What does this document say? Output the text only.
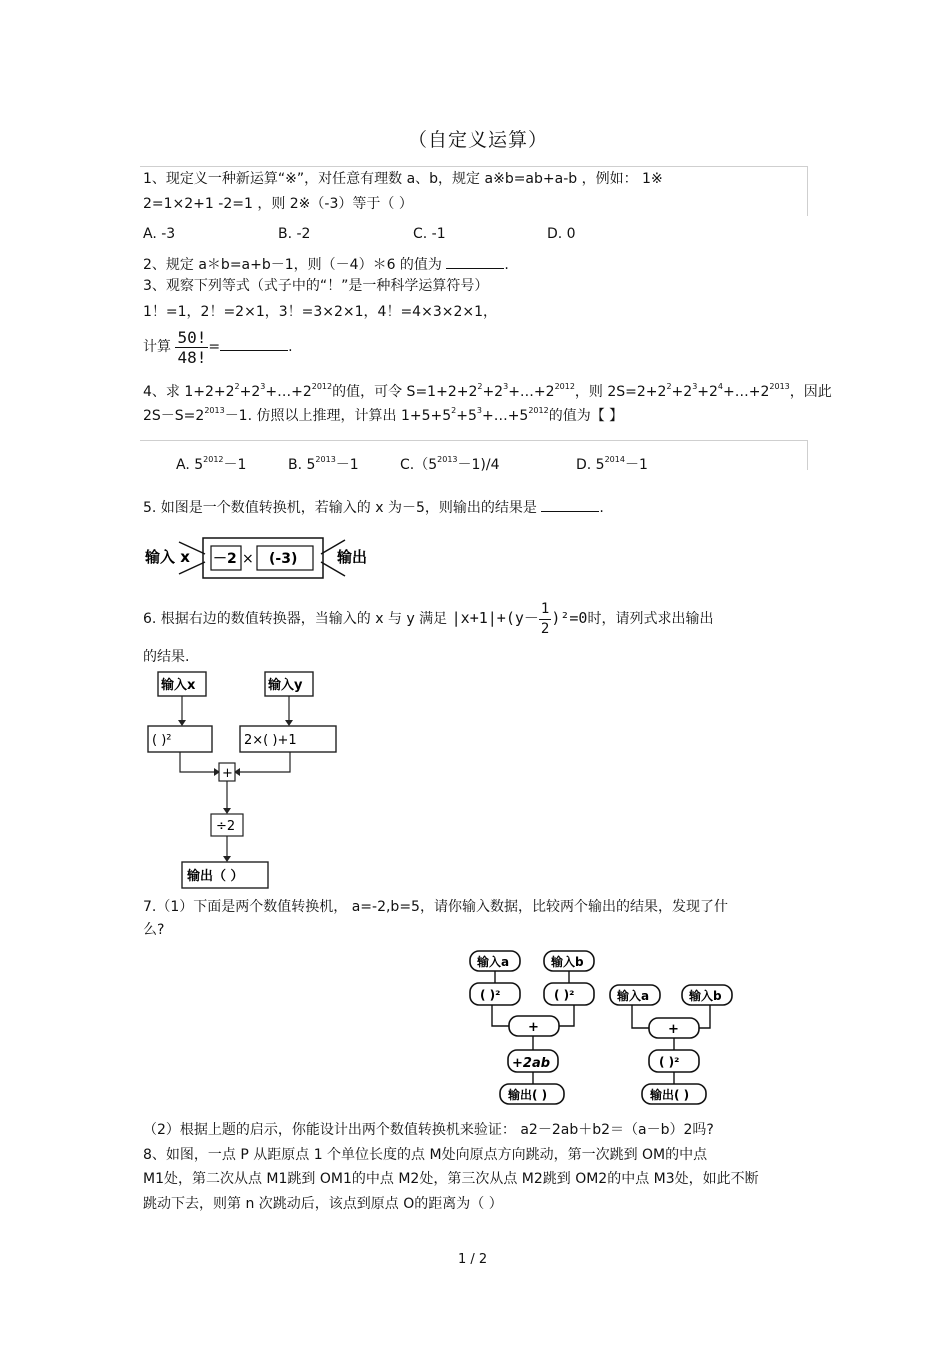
（自定义运算）
1、现定义一种新运算“※”，对任意有理数 a、b，规定 a※b=ab+a-b ，例如： 1※
2=1×2+1 -2=1 ，则 2※（-3）等于（ ）
A. -3	B. -2	C. -1	D. 0
2、规定 a＊b=a+b－1，则（－4）＊6 的值为	.
3、观察下列等式（式子中的“！”是一种科学运算符号）
1！=1，2！=2×1，3！=3×2×1，4！=4×3×2×1，
计算 $\frac{50!}{48!}$ =	.
4、求 $1+2+2^2+2^3+\dots+2^{2012}$的值，可令 $S=1+2+2^2+2^3+\dots+2^{2012}$，则 $2S=2+2^2+2^3+2^4+\dots+2^{2013}$，因此
$2S-S=2^{2013}-1$. 仿照以上推理，计算出 $1+5+5^2+5^3+\dots+5^{2012}$的值为【 】
A. $5^{2012}-1$	B. $5^{2013}-1$	$C.(5^{2013}-1)/4$	D. $5^{2014}-1$
5. 如图是一个数值转换机，若输入的 x 为－5，则输出的结果是	.
输入 x －2 × (-3)	输出
6. 根据右边的数值转换器，当输入的 x 与 y 满足 $|x+1|+(y- \frac{1}{2} )^2=0$时，请列式求出输出
的结果.
输入x	输入y
( )²	2×( )+1
+
÷2
输出（ ）
7.（1）下面是两个数值转换机， a=-2,b=5，请你输入数据，比较两个输出的结果，发现了什
么?
输入a	输入b
( )²	( )²
+
+2ab
输出( )
输入a	输入b
+
( )²
输出( )
（2）根据上题的启示，你能设计出两个数值转换机来验证： a2－2ab＋b2＝（a－b）2吗?
8、如图，一点 P 从距原点 1 个单位长度的点 M处向原点方向跳动，第一次跳到 OM的中点
M1处，第二次从点 M1跳到 OM1的中点 M2处，第三次从点 M2跳到 OM2的中点 M3处，如此不断
跳动下去，则第 n 次跳动后，该点到原点 O的距离为（ ）
1 / 2
